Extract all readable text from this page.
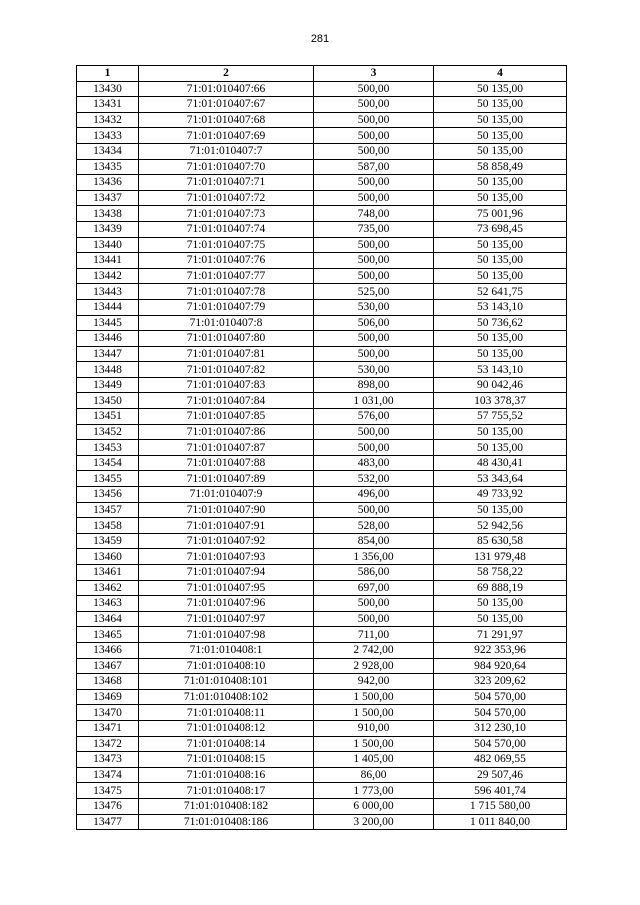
281
1	2	3	4
13430	71:01:010407:66	500,00	50 135,00
13431	71:01:010407:67	500,00	50 135,00
13432	71:01:010407:68	500,00	50 135,00
13433	71:01:010407:69	500,00	50 135,00
13434	71:01:010407:7	500,00	50 135,00
13435	71:01:010407:70	587,00	58 858,49
13436	71:01:010407:71	500,00	50 135,00
13437	71:01:010407:72	500,00	50 135,00
13438	71:01:010407:73	748,00	75 001,96
13439	71:01:010407:74	735,00	73 698,45
13440	71:01:010407:75	500,00	50 135,00
13441	71:01:010407:76	500,00	50 135,00
13442	71:01:010407:77	500,00	50 135,00
13443	71:01:010407:78	525,00	52 641,75
13444	71:01:010407:79	530,00	53 143,10
13445	71:01:010407:8	506,00	50 736,62
13446	71:01:010407:80	500,00	50 135,00
13447	71:01:010407:81	500,00	50 135,00
13448	71:01:010407:82	530,00	53 143,10
13449	71:01:010407:83	898,00	90 042,46
13450	71:01:010407:84	1 031,00	103 378,37
13451	71:01:010407:85	576,00	57 755,52
13452	71:01:010407:86	500,00	50 135,00
13453	71:01:010407:87	500,00	50 135,00
13454	71:01:010407:88	483,00	48 430,41
13455	71:01:010407:89	532,00	53 343,64
13456	71:01:010407:9	496,00	49 733,92
13457	71:01:010407:90	500,00	50 135,00
13458	71:01:010407:91	528,00	52 942,56
13459	71:01:010407:92	854,00	85 630,58
13460	71:01:010407:93	1 356,00	131 979,48
13461	71:01:010407:94	586,00	58 758,22
13462	71:01:010407:95	697,00	69 888,19
13463	71:01:010407:96	500,00	50 135,00
13464	71:01:010407:97	500,00	50 135,00
13465	71:01:010407:98	711,00	71 291,97
13466	71:01:010408:1	2 742,00	922 353,96
13467	71:01:010408:10	2 928,00	984 920,64
13468	71:01:010408:101	942,00	323 209,62
13469	71:01:010408:102	1 500,00	504 570,00
13470	71:01:010408:11	1 500,00	504 570,00
13471	71:01:010408:12	910,00	312 230,10
13472	71:01:010408:14	1 500,00	504 570,00
13473	71:01:010408:15	1 405,00	482 069,55
13474	71:01:010408:16	86,00	29 507,46
13475	71:01:010408:17	1 773,00	596 401,74
13476	71:01:010408:182	6 000,00	1 715 580,00
13477	71:01:010408:186	3 200,00	1 011 840,00
